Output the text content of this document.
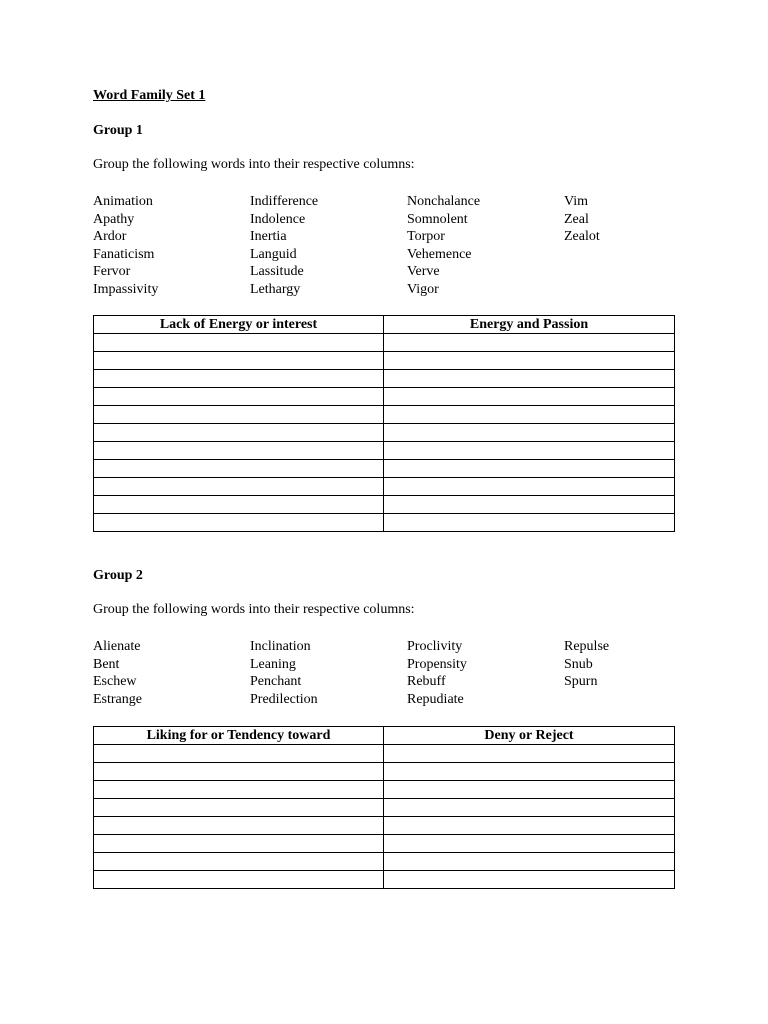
Word Family Set 1
Group 1
Group the following words into their respective columns:
Animation
Apathy
Ardor
Fanaticism
Fervor
Impassivity
Indifference
Indolence
Inertia
Languid
Lassitude
Lethargy
Nonchalance
Somnolent
Torpor
Vehemence
Verve
Vigor
Vim
Zeal
Zealot
Lack of Energy or interest	Energy and Passion

Group 2
Group the following words into their respective columns:
Alienate
Bent
Eschew
Estrange
Inclination
Leaning
Penchant
Predilection
Proclivity
Propensity
Rebuff
Repudiate
Repulse
Snub
Spurn
Liking for or Tendency toward	Deny or Reject
